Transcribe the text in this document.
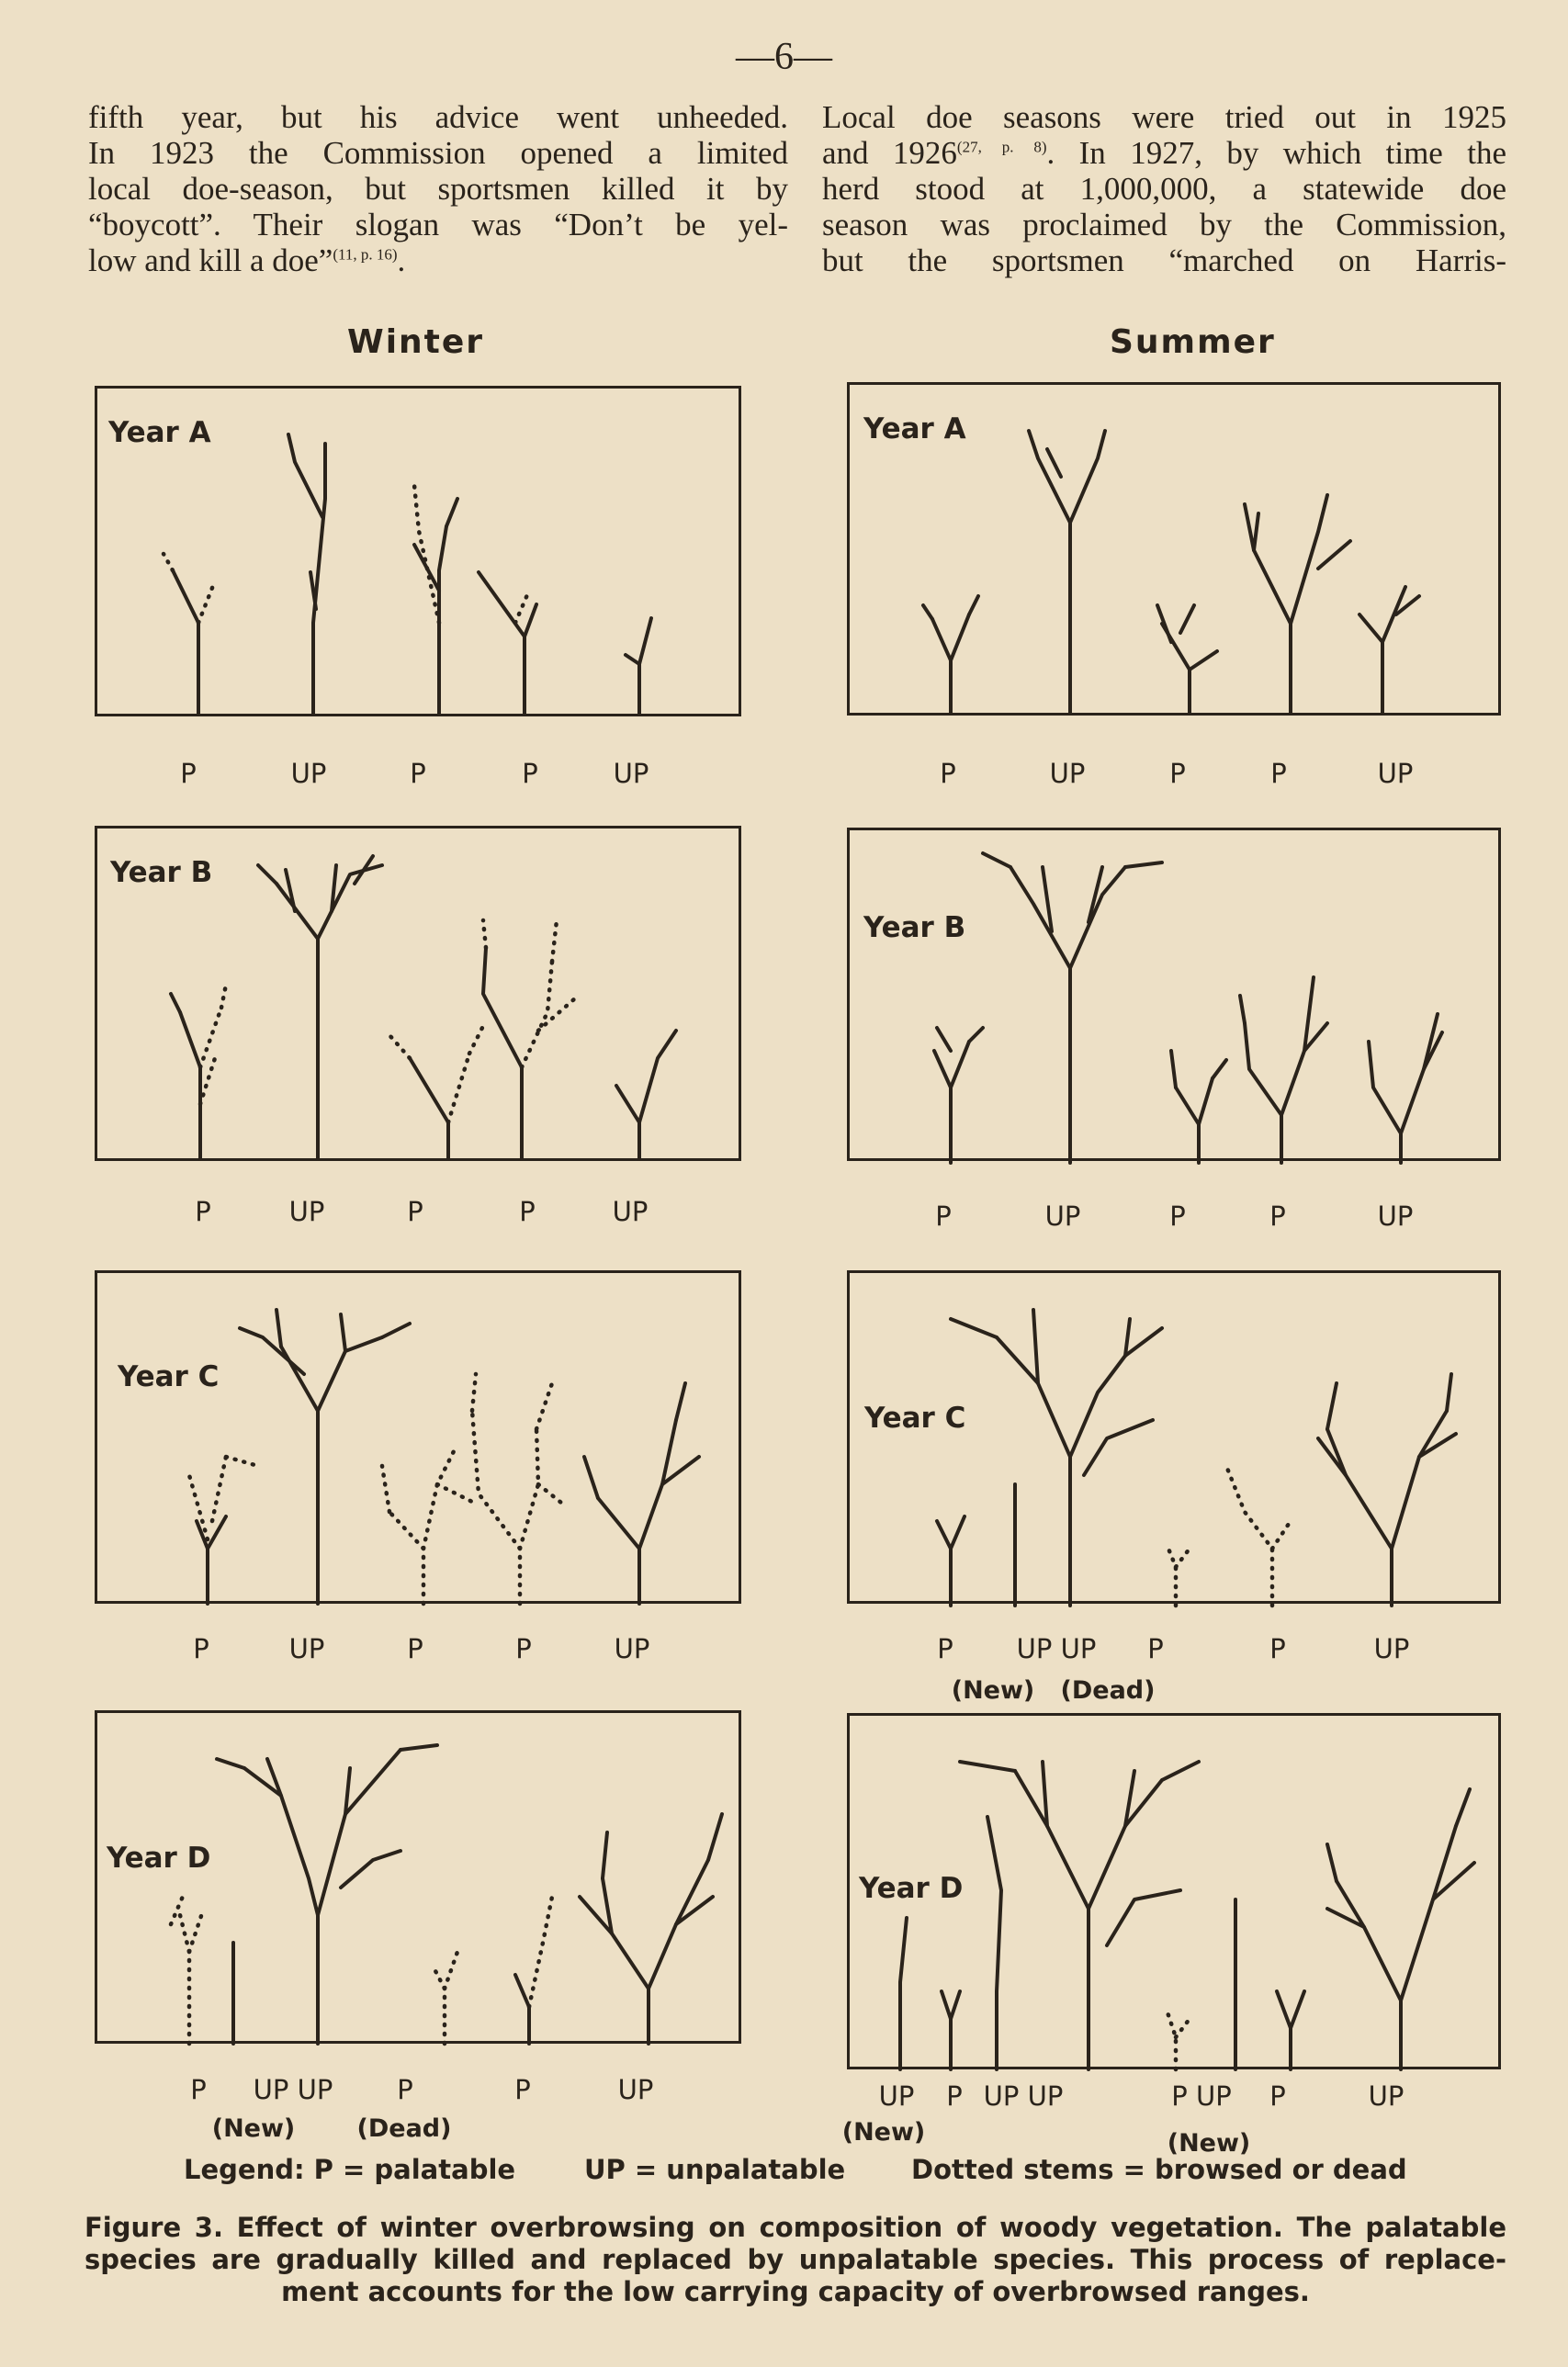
—6—
fifth year, but his advice went unheeded.
In 1923 the Commission opened a limited
local doe-season, but sportsmen killed it by
“boycott”. Their slogan was “Don’t be yel-
low and kill a doe”$^{(11, p. 16)}$.
Local doe seasons were tried out in 1925
and $1926^{(27, p. 8)}$. In 1927, by which time the
herd stood at 1,000,000, a statewide doe
season was proclaimed by the Commission,
but the sportsmen “marched on Harris-
Winter	Summer
Year A
P	UP	P	P	UP
Year B
P	UP	P	P	UP
Year C
P	UP	P	P	UP
Year D
P UP UP P	P	UP
(New) (Dead)
Year A
P	UP	P	P	UP
Year B
P	UP	P	P	UP
Year C
P UP UP P	P	UP
(New) (Dead)
Year D
UP P UP UP	P UP P	UP
(New)	(New)
Legend: P = palatable	UP = unpalatable Dotted stems = browsed or dead
Figure 3. Effect of winter overbrowsing on composition of woody vegetation. The palatable
species are gradually killed and replaced by unpalatable species. This process of replace-
ment accounts for the low carrying capacity of overbrowsed ranges.
